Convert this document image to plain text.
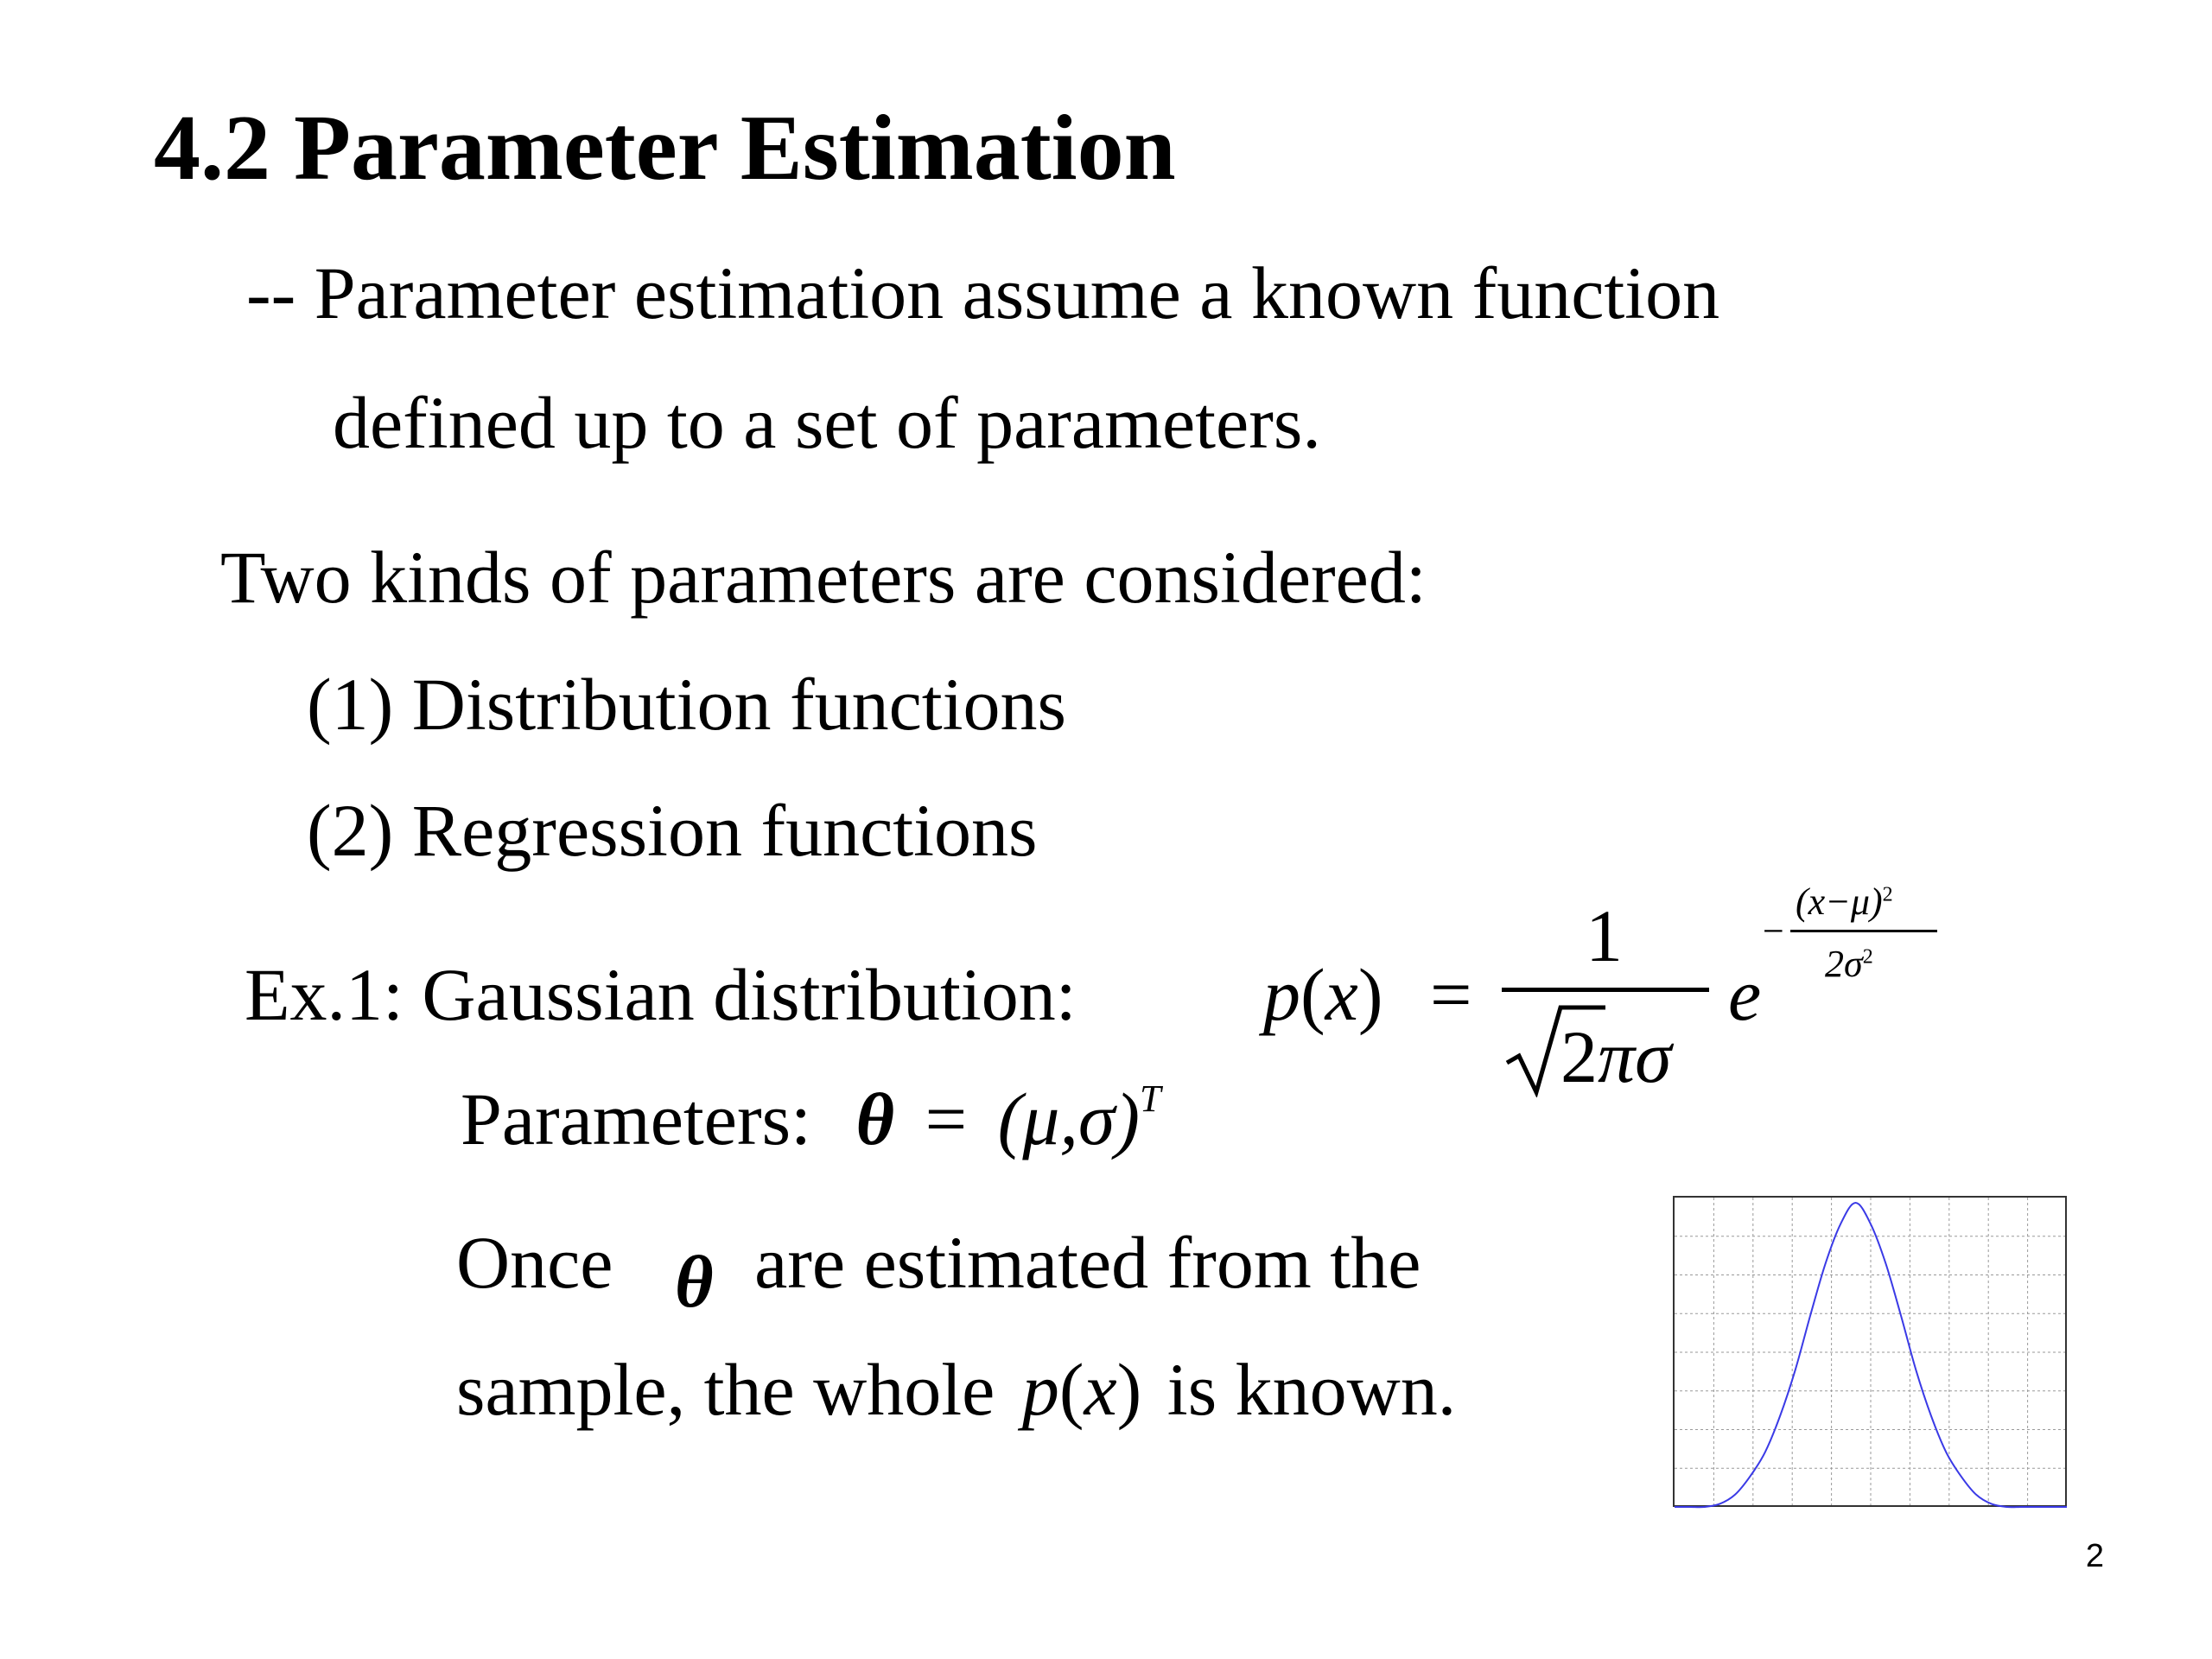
4.2 Parameter Estimation
-- Parameter estimation assume a known function
defined up to a set of parameters.
Two kinds of parameters are considered:
(1) Distribution functions
(2) Regression functions
Ex.1: Gaussian distribution:	p(x) =
1
2πσ
e
−
$(x-\mu)^2$
$2\sigma^2$
Parameters: $\theta = (\mu,\sigma)^T$
Once θ are estimated from the
sample, the whole p(x) is known.
2
